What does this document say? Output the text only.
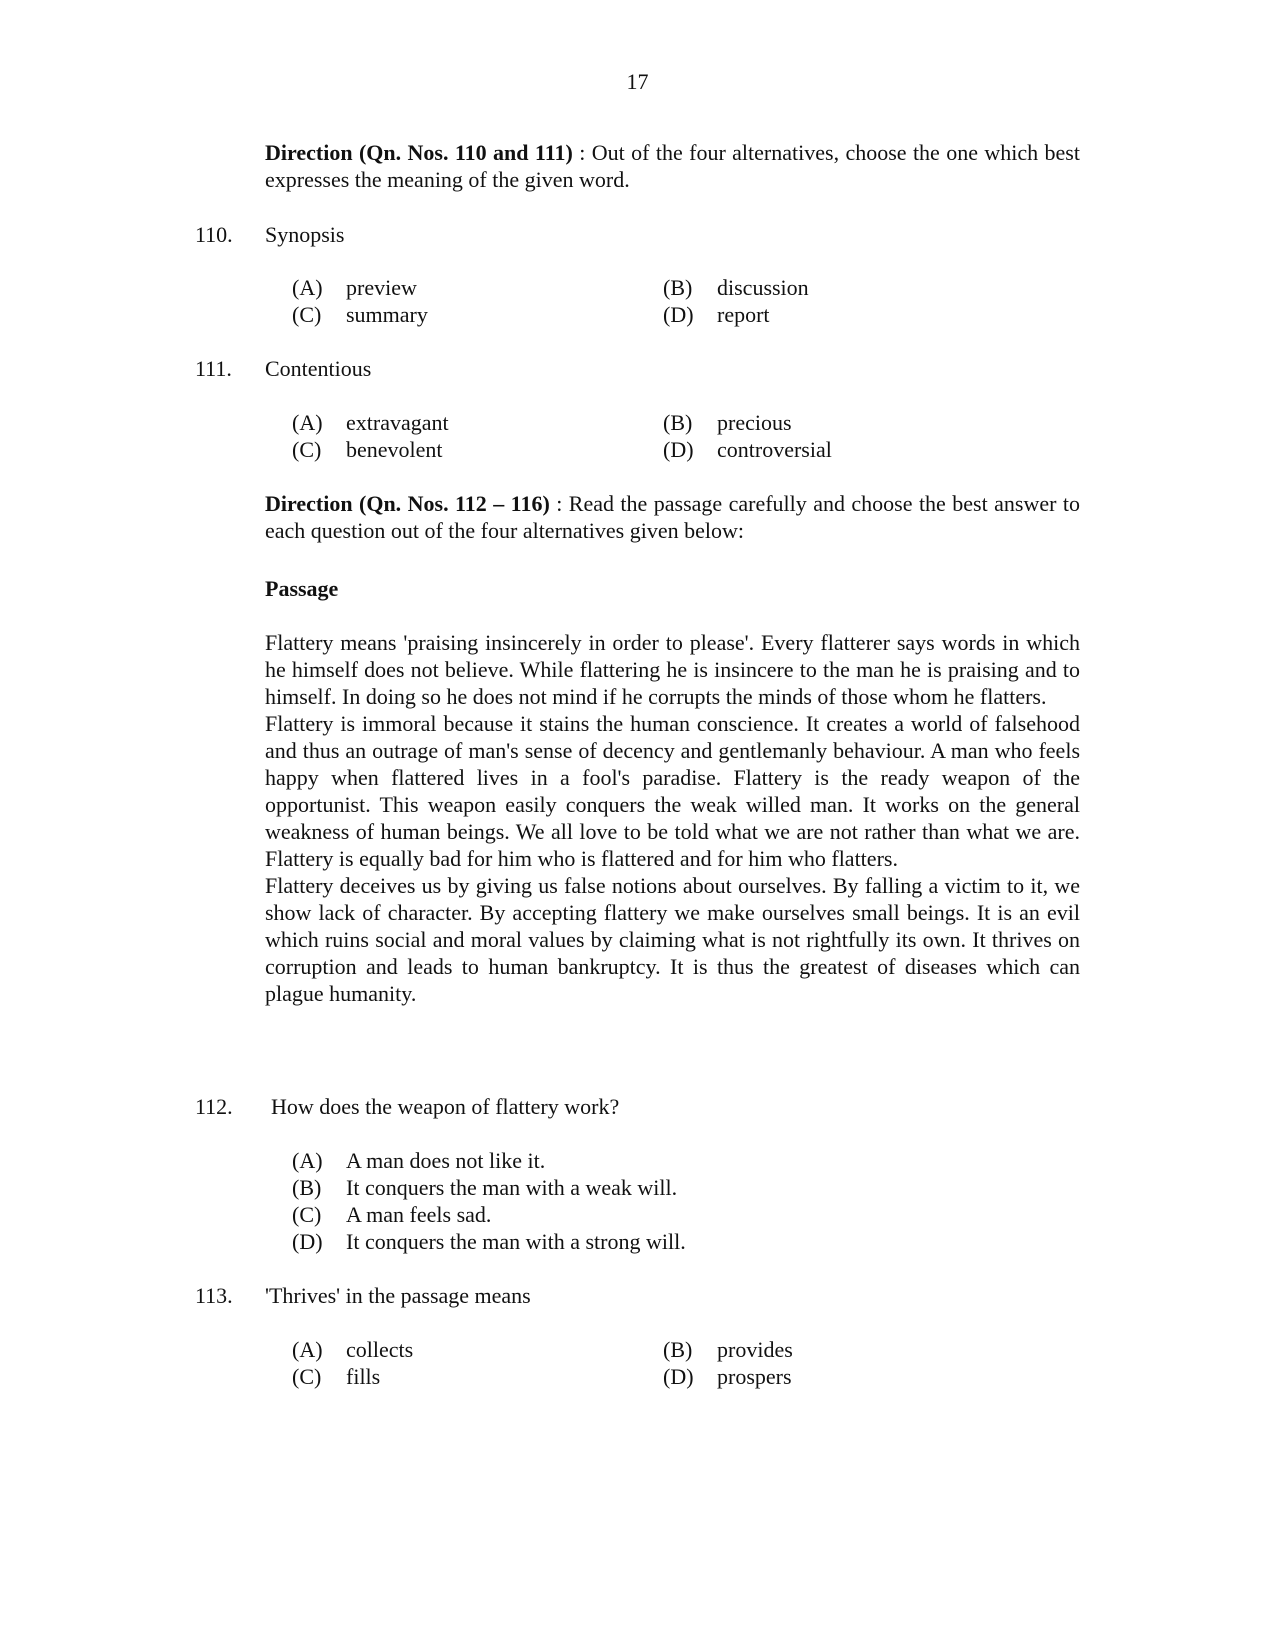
17
Direction (Qn. Nos. 110 and 111) : Out of the four alternatives, choose the one which best expresses the meaning of the given word.
110. Synopsis
(A) preview	(B) discussion
(C) summary	(D) report
111. Contentious
(A) extravagant	(B) precious
(C) benevolent	(D) controversial
Direction (Qn. Nos. 112 – 116) : Read the passage carefully and choose the best answer to each question out of the four alternatives given below:
Passage

Flattery means 'praising insincerely in order to please'. Every flatterer says words in which he himself does not believe. While flattering he is insincere to the man he is praising and to himself. In doing so he does not mind if he corrupts the minds of those whom he flatters.

Flattery is immoral because it stains the human conscience. It creates a world of falsehood and thus an outrage of man's sense of decency and gentlemanly behaviour. A man who feels happy when flattered lives in a fool's paradise. Flattery is the ready weapon of the opportunist. This weapon easily conquers the weak willed man. It works on the general weakness of human beings. We all love to be told what we are not rather than what we are. Flattery is equally bad for him who is flattered and for him who flatters.

Flattery deceives us by giving us false notions about ourselves. By falling a victim to it, we show lack of character. By accepting flattery we make ourselves small beings. It is an evil which ruins social and moral values by claiming what is not rightfully its own. It thrives on corruption and leads to human bankruptcy. It is thus the greatest of diseases which can plague humanity.

112. How does the weapon of flattery work?
(A) A man does not like it.
(B) It conquers the man with a weak will.
(C) A man feels sad.
(D) It conquers the man with a strong will.
113. 'Thrives' in the passage means
(A) collects	(B) provides
(C) fills	(D) prospers
